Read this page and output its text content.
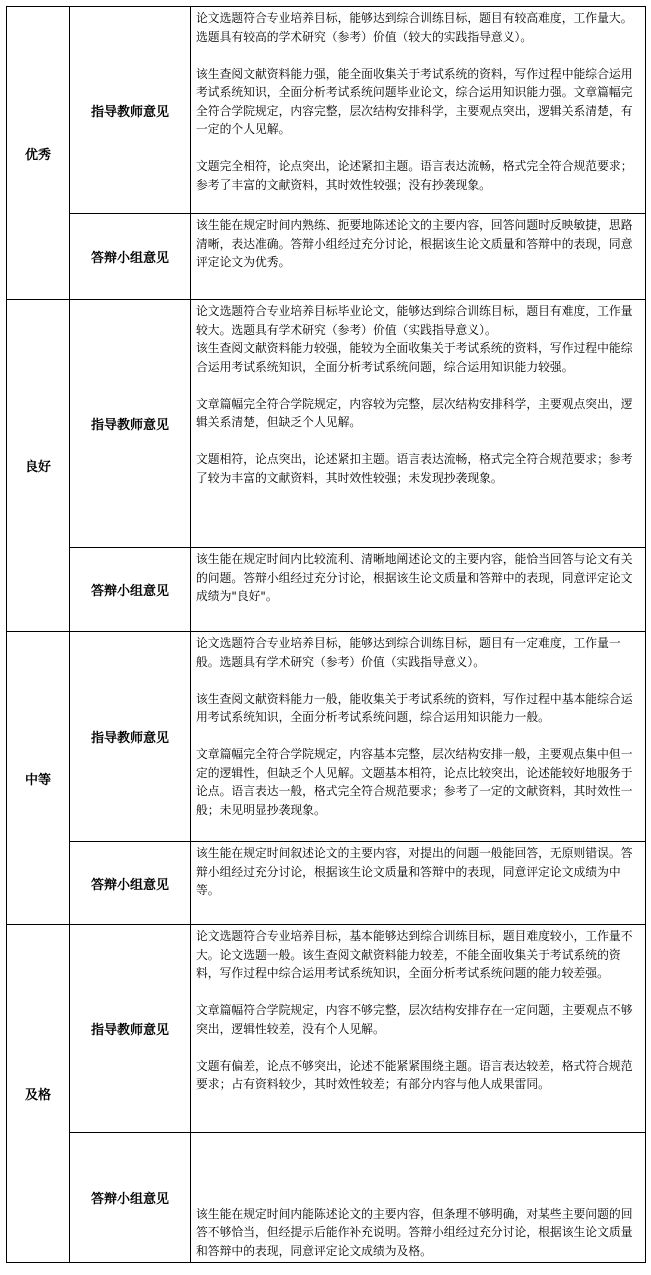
优秀	指导教师意见	论文选题符合专业培养目标，能够达到综合训练目标，题目有较高难度，工作量大。选题具有较高的学术研究（参考）价值（较大的实践指导意义）。

该生查阅文献资料能力强，能全面收集关于考试系统的资料，写作过程中能综合运用考试系统知识，全面分析考试系统问题毕业论文，综合运用知识能力强。文章篇幅完全符合学院规定，内容完整，层次结构安排科学，主要观点突出，逻辑关系清楚，有一定的个人见解。

文题完全相符，论点突出，论述紧扣主题。语言表达流畅，格式完全符合规范要求；参考了丰富的文献资料，其时效性较强；没有抄袭现象。

	答辩小组意见	该生能在规定时间内熟练、扼要地陈述论文的主要内容，回答问题时反映敏捷，思路清晰，表达准确。答辩小组经过充分讨论，根据该生论文质量和答辩中的表现，同意评定论文为优秀。
良好	指导教师意见	论文选题符合专业培养目标毕业论文，能够达到综合训练目标，题目有难度，工作量较大。选题具有学术研究（参考）价值（实践指导意义）。

该生查阅文献资料能力较强，能较为全面收集关于考试系统的资料，写作过程中能综合运用考试系统知识，全面分析考试系统问题，综合运用知识能力较强。

文章篇幅完全符合学院规定，内容较为完整，层次结构安排科学，主要观点突出，逻辑关系清楚，但缺乏个人见解。

文题相符，论点突出，论述紧扣主题。语言表达流畅，格式完全符合规范要求；参考了较为丰富的文献资料，其时效性较强；未发现抄袭现象。

	答辩小组意见	该生能在规定时间内比较流利、清晰地阐述论文的主要内容，能恰当回答与论文有关的问题。答辩小组经过充分讨论，根据该生论文质量和答辩中的表现，同意评定论文成绩为"良好"。
中等	指导教师意见	论文选题符合专业培养目标，能够达到综合训练目标，题目有一定难度，工作量一般。选题具有学术研究（参考）价值（实践指导意义）。

该生查阅文献资料能力一般，能收集关于考试系统的资料，写作过程中基本能综合运用考试系统知识，全面分析考试系统问题，综合运用知识能力一般。

文章篇幅完全符合学院规定，内容基本完整，层次结构安排一般，主要观点集中但一定的逻辑性，但缺乏个人见解。文题基本相符，论点比较突出，论述能较好地服务于论点。语言表达一般，格式完全符合规范要求；参考了一定的文献资料，其时效性一般；未见明显抄袭现象。

	答辩小组意见	该生能在规定时间叙述论文的主要内容，对提出的问题一般能回答，无原则错误。答辩小组经过充分讨论，根据该生论文质量和答辩中的表现，同意评定论文成绩为中等。
及格	指导教师意见	论文选题符合专业培养目标，基本能够达到综合训练目标，题目难度较小，工作量不大。论文选题一般。该生查阅文献资料能力较差，不能全面收集关于考试系统的资料，写作过程中综合运用考试系统知识，全面分析考试系统问题的能力较差强。

文章篇幅符合学院规定，内容不够完整，层次结构安排存在一定问题，主要观点不够突出，逻辑性较差，没有个人见解。

文题有偏差，论点不够突出，论述不能紧紧围绕主题。语言表达较差，格式符合规范要求；占有资料较少，其时效性较差；有部分内容与他人成果雷同。

	答辩小组意见	该生能在规定时间内能陈述论文的主要内容，但条理不够明确，对某些主要问题的回答不够恰当，但经提示后能作补充说明。答辩小组经过充分讨论，根据该生论文质量和答辩中的表现，同意评定论文成绩为及格。
